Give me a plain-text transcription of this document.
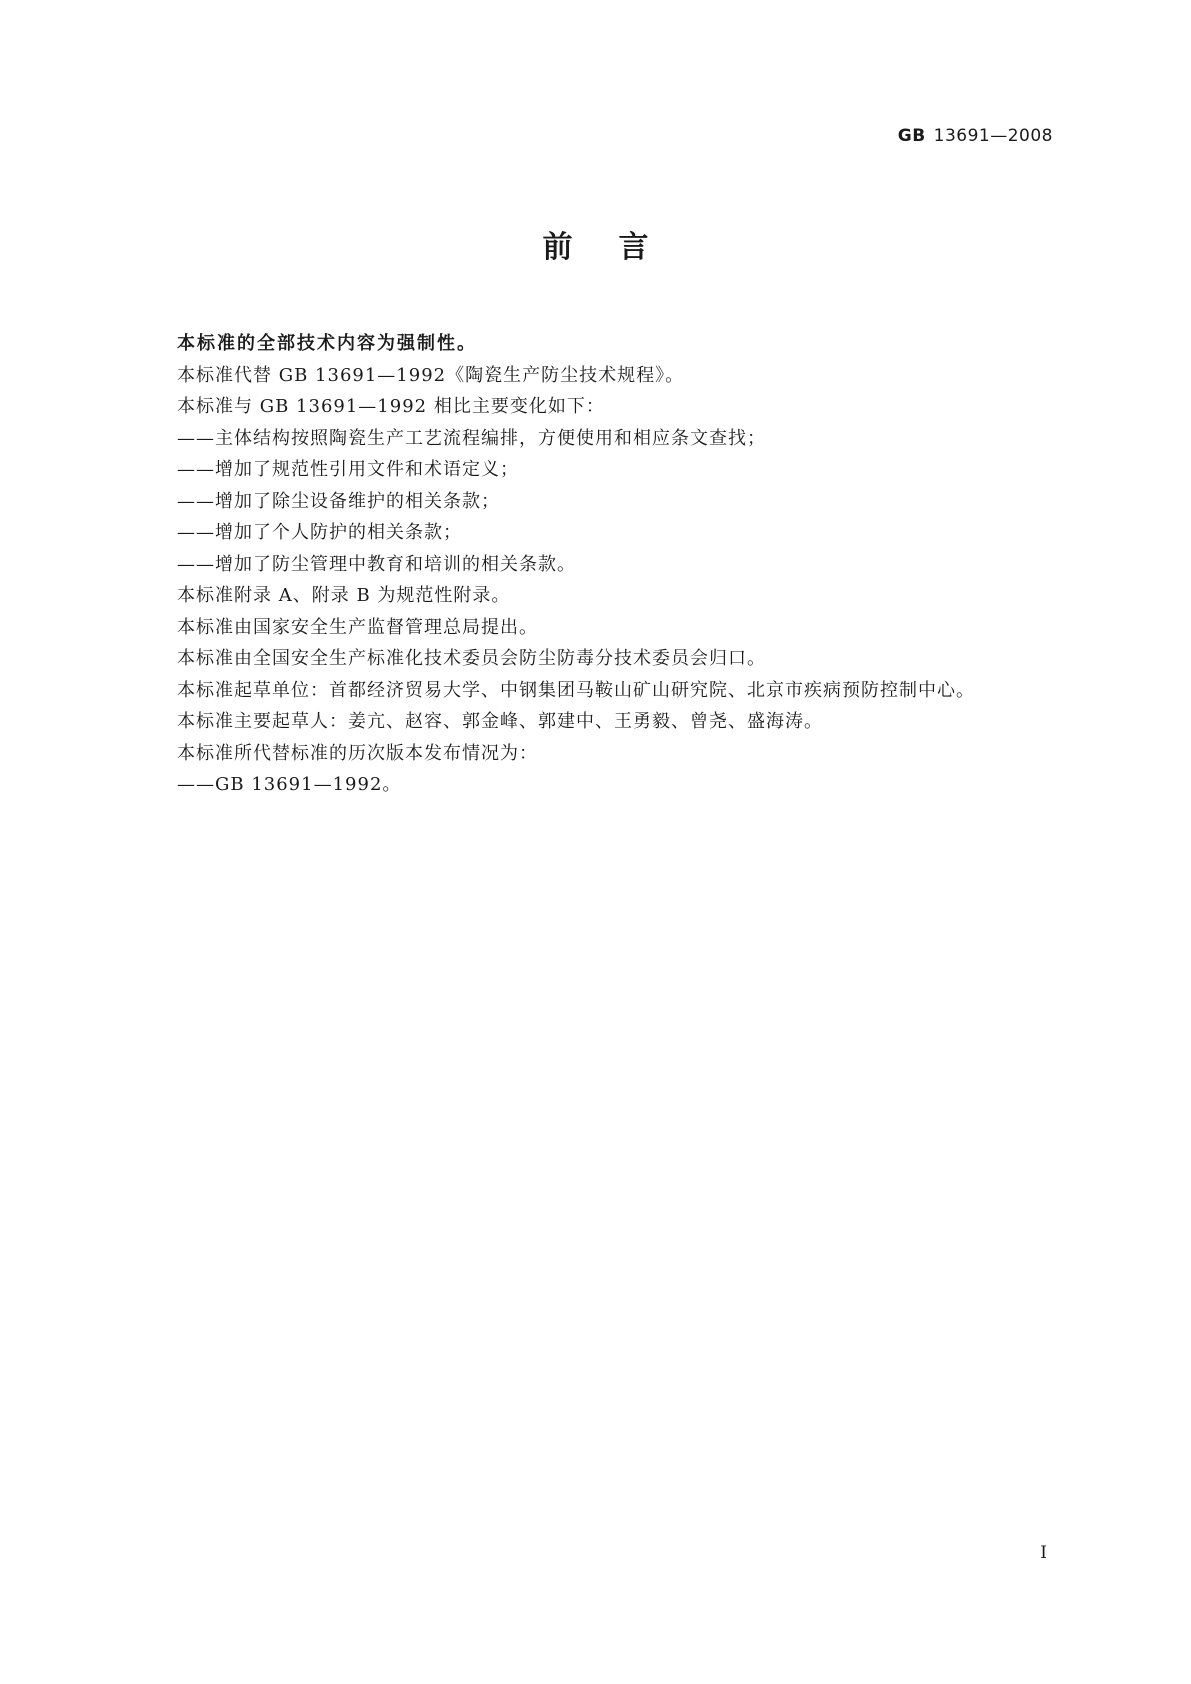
GB 13691—2008
前言
本标准的全部技术内容为强制性。
本标准代替 GB 13691—1992《陶瓷生产防尘技术规程》。
本标准与 GB 13691—1992 相比主要变化如下：
——主体结构按照陶瓷生产工艺流程编排，方便使用和相应条文查找；
——增加了规范性引用文件和术语定义；
——增加了除尘设备维护的相关条款；
——增加了个人防护的相关条款；
——增加了防尘管理中教育和培训的相关条款。
本标准附录 A、附录 B 为规范性附录。
本标准由国家安全生产监督管理总局提出。
本标准由全国安全生产标准化技术委员会防尘防毒分技术委员会归口。
本标准起草单位：首都经济贸易大学、中钢集团马鞍山矿山研究院、北京市疾病预防控制中心。
本标准主要起草人：姜亢、赵容、郭金峰、郭建中、王勇毅、曾尧、盛海涛。
本标准所代替标准的历次版本发布情况为：
——GB 13691—1992。
I
